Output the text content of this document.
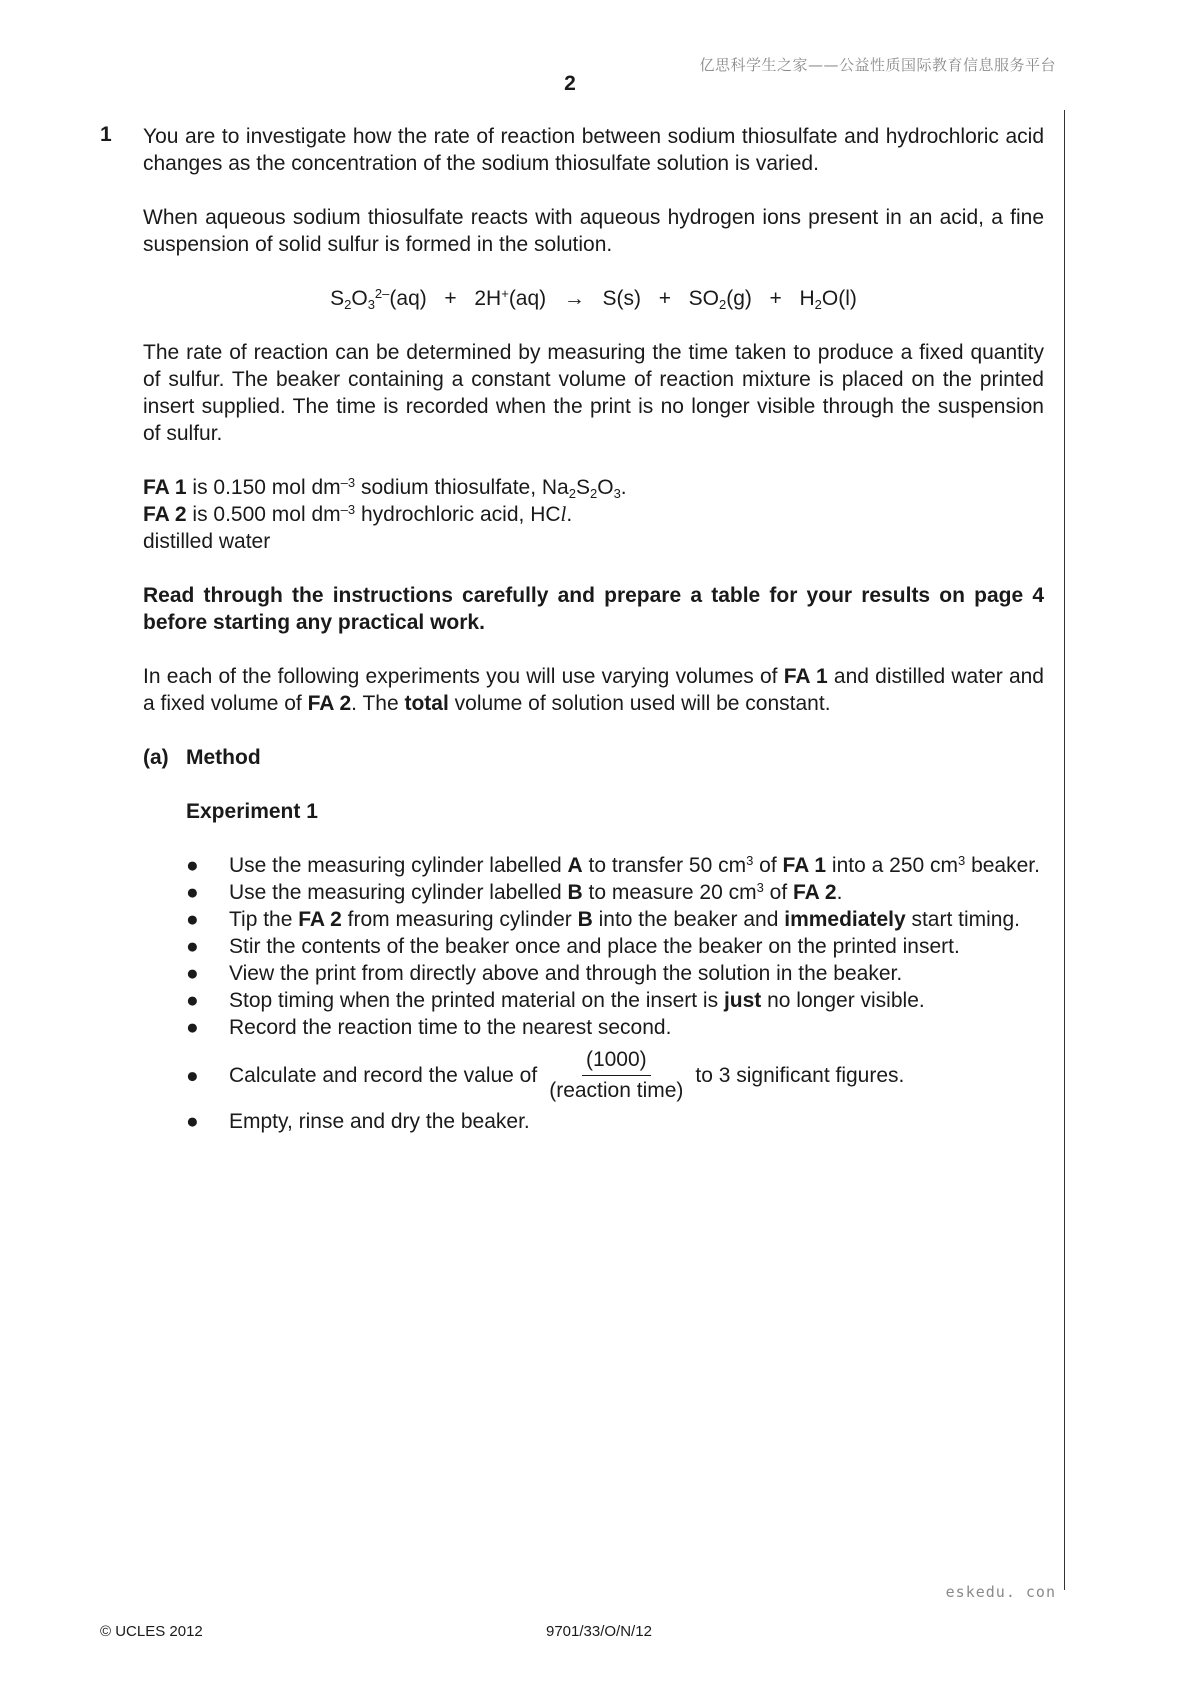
亿思科学生之家——公益性质国际教育信息服务平台
2
1 You are to investigate how the rate of reaction between sodium thiosulfate and hydrochloric acid changes as the concentration of the sodium thiosulfate solution is varied.

When aqueous sodium thiosulfate reacts with aqueous hydrogen ions present in an acid, a fine suspension of solid sulfur is formed in the solution.

$S_2O_3^{2-}(aq) + 2H^+(aq) \to S(s) + SO_2(g) + H_2O(l)$

The rate of reaction can be determined by measuring the time taken to produce a fixed quantity of sulfur. The beaker containing a constant volume of reaction mixture is placed on the printed insert supplied. The time is recorded when the print is no longer visible through the suspension of sulfur.

FA 1 is 0.150 mol $dm^{-3}$ sodium thiosulfate, $Na_2S_2O_3$.
FA 2 is 0.500 mol $dm^{-3}$ hydrochloric acid, HCl.
distilled water

Read through the instructions carefully and prepare a table for your results on page 4 before starting any practical work.

In each of the following experiments you will use varying volumes of FA 1 and distilled water and a fixed volume of FA 2. The total volume of solution used will be constant.

(a) Method
Experiment 1
● Use the measuring cylinder labelled A to transfer 50 $cm^3$ of FA 1 into a 250 $cm^3$ beaker.
● Use the measuring cylinder labelled B to measure 20 $cm^3$ of FA 2.
● Tip the FA 2 from measuring cylinder B into the beaker and immediately start timing.
● Stir the contents of the beaker once and place the beaker on the printed insert.
● View the print from directly above and through the solution in the beaker.
● Stop timing when the printed material on the insert is just no longer visible.
● Record the reaction time to the nearest second.
● Calculate and record the value of $\frac{(1000)}{\text{(reaction time)}}$ to 3 significant figures.
● Empty, rinse and dry the beaker.
eskedu. con
© UCLES 2012	9701/33/O/N/12
